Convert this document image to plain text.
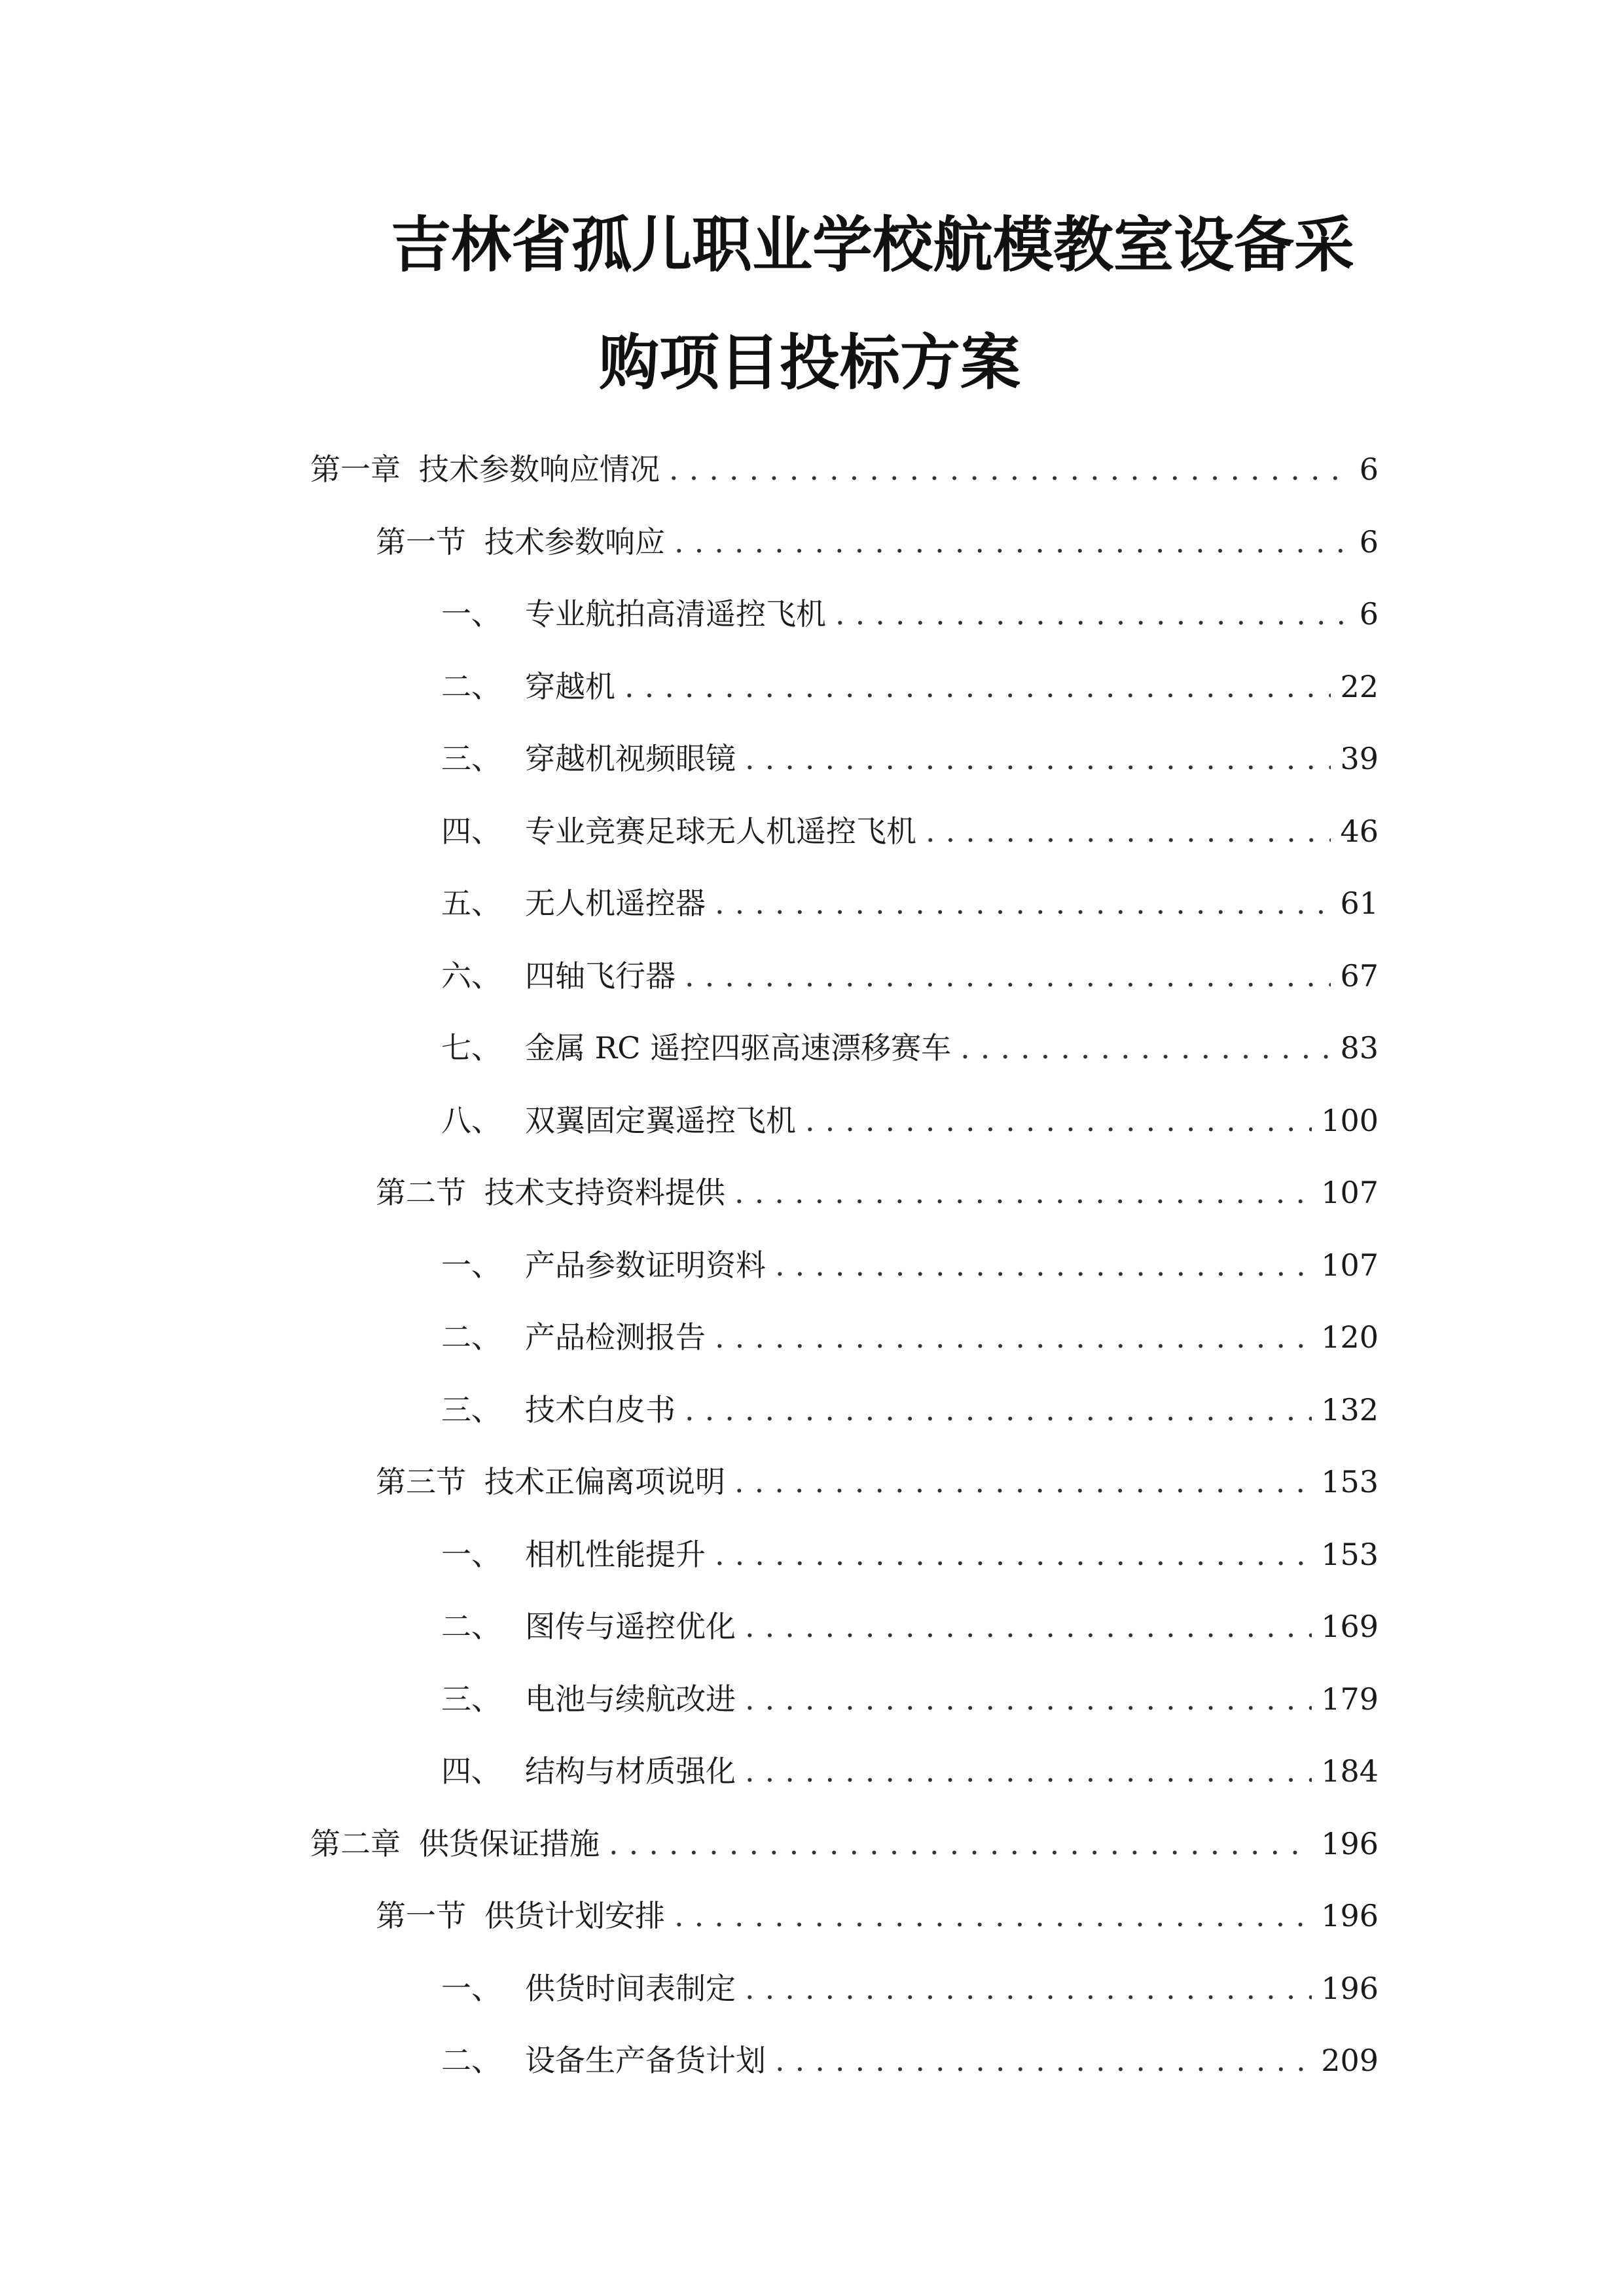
吉林省孤儿职业学校航模教室设备采
购项目投标方案
第一章 技术参数响应情况 .....	6
第一节 技术参数响应 .....	6
一、 专业航拍高清遥控飞机 .....	6
二、 穿越机 .....	22
三、 穿越机视频眼镜 .....	39
四、 专业竞赛足球无人机遥控飞机 .....	46
五、 无人机遥控器 .....	61
六、 四轴飞行器 .....	67
七、 金属 RC 遥控四驱高速漂移赛车 .....	83
八、 双翼固定翼遥控飞机 .....	100
第二节 技术支持资料提供 .....	107
一、 产品参数证明资料 .....	107
二、 产品检测报告 .....	120
三、 技术白皮书 .....	132
第三节 技术正偏离项说明 .....	153
一、 相机性能提升 .....	153
二、 图传与遥控优化 .....	169
三、 电池与续航改进 .....	179
四、 结构与材质强化 .....	184
第二章 供货保证措施 .....	196
第一节 供货计划安排 .....	196
一、 供货时间表制定 .....	196
二、 设备生产备货计划 .....	209
